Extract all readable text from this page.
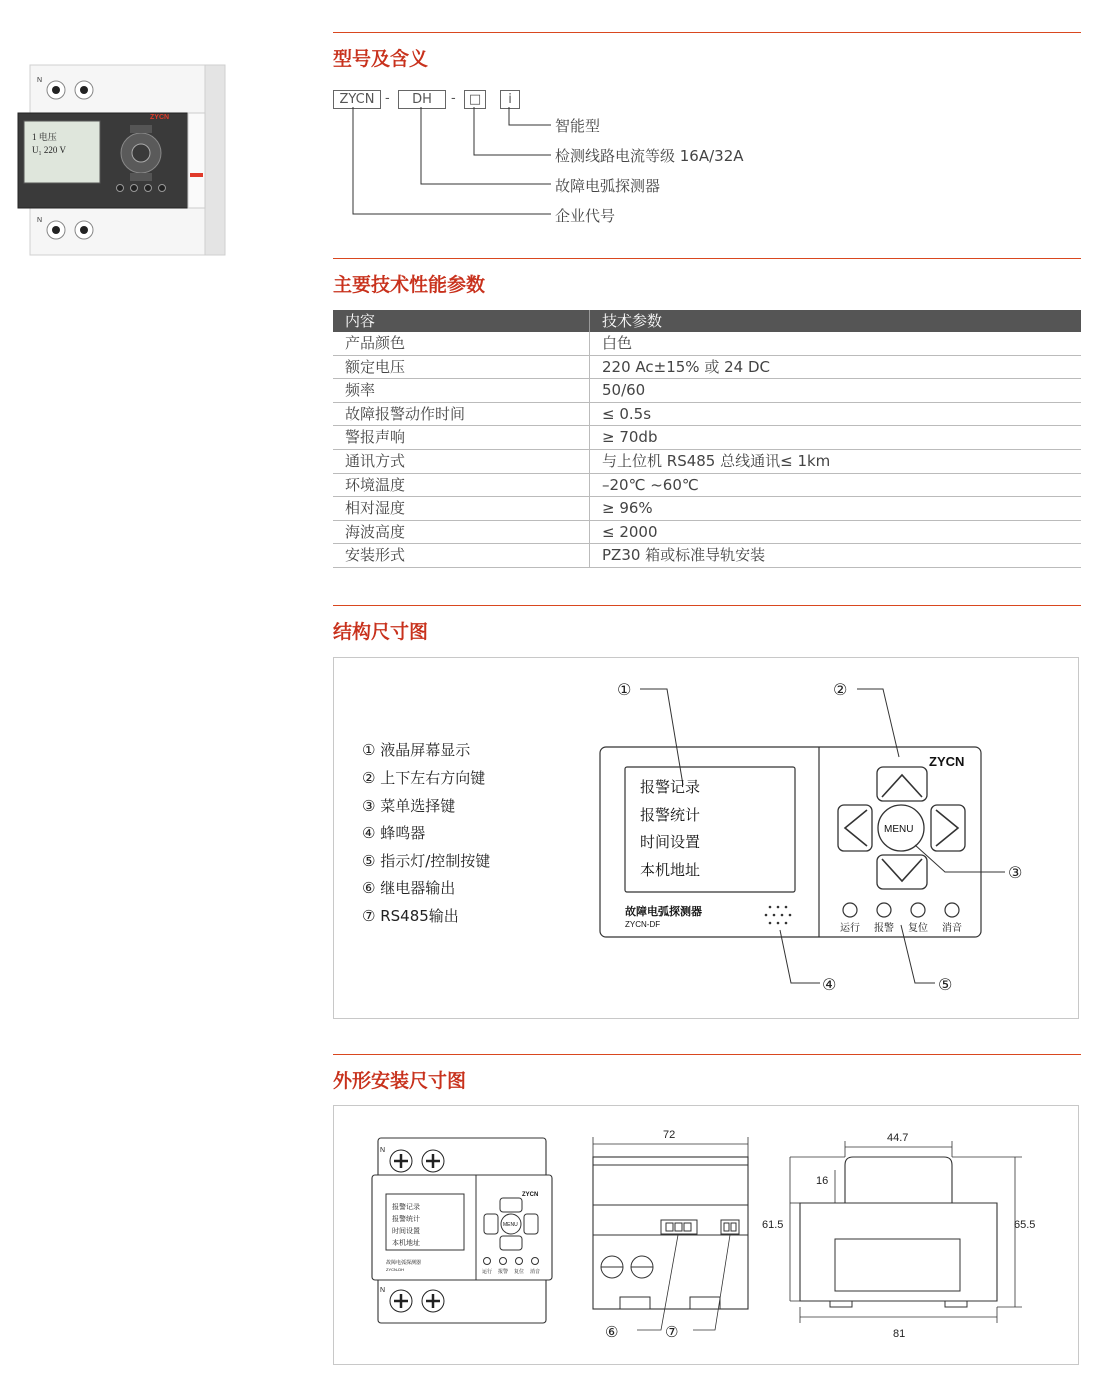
N
N
1 电压
U₁ 220 V
ZYCN
型号及含义
ZYCN -	DH	-	□	i
智能型
检测线路电流等级 16A/32A
故障电弧探测器
企业代号
主要技术性能参数
内容	技术参数
产品颜色	白色
额定电压	220 Ac±15% 或 24 DC
频率	50/60
故障报警动作时间	≤ 0.5s
警报声响	≥ 70db
通讯方式	与上位机 RS485 总线通讯≤ 1km
环境温度	–20℃ ~60℃
相对湿度	≥ 96%
海波高度	≤ 2000
安装形式	PZ30 箱或标准导轨安装
结构尺寸图
① 液晶屏幕显示
② 上下左右方向键
③ 菜单选择键
④ 蜂鸣器
⑤ 指示灯/控制按键
⑥ 继电器输出
⑦ RS485输出
①	②
③
④	⑤
报警记录
报警统计
时间设置
本机地址
ZYCN
MENU
故障电弧探测器
ZYCN-DF	运行 报警 复位 消音
外形安装尺寸图
N
N
报警记录
报警统计
时间设置
本机地址
ZYCN
MENU
故障电弧探测器
ZYCN-DH	运行 报警 复位 消音
72
⑥	⑦
44.7
16
61.5	65.5
81
